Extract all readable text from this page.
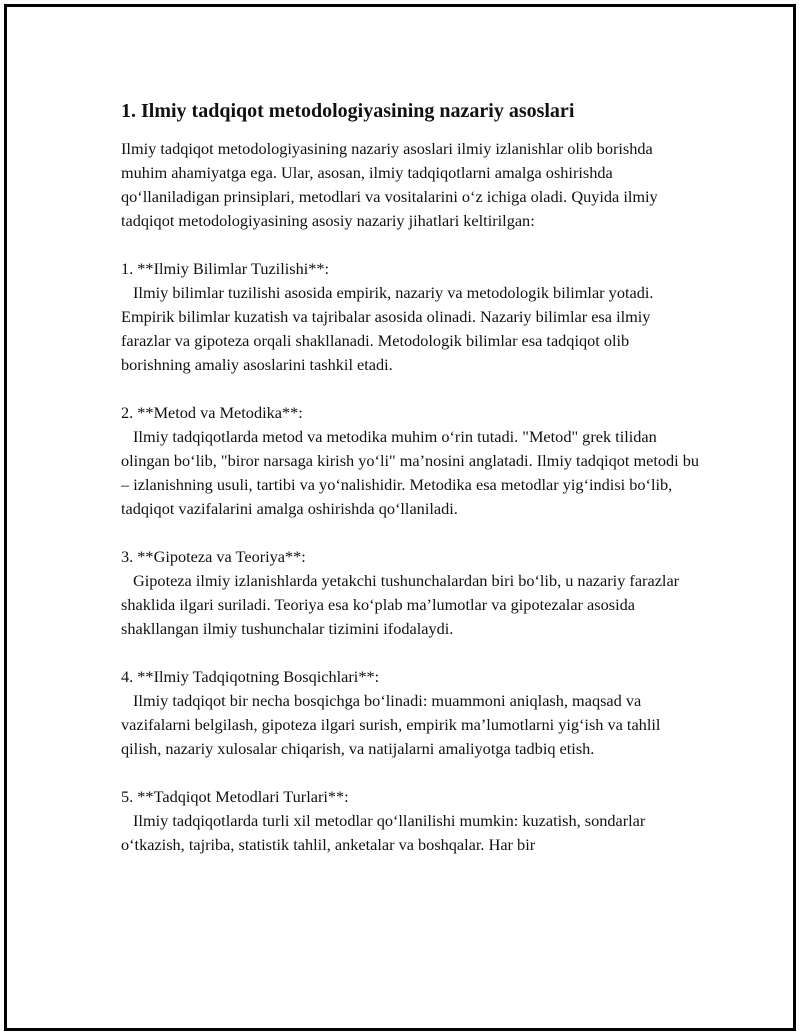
1. Ilmiy tadqiqot metodologiyasining nazariy asoslari

Ilmiy tadqiqot metodologiyasining nazariy asoslari ilmiy izlanishlar olib borishda muhim ahamiyatga ega. Ular, asosan, ilmiy tadqiqotlarni amalga oshirishda qo‘llaniladigan prinsiplari, metodlari va vositalarini o‘z ichiga oladi. Quyida ilmiy tadqiqot metodologiyasining asosiy nazariy jihatlari keltirilgan:

1. **Ilmiy Bilimlar Tuzilishi**:

Ilmiy bilimlar tuzilishi asosida empirik, nazariy va metodologik bilimlar yotadi. Empirik bilimlar kuzatish va tajribalar asosida olinadi. Nazariy bilimlar esa ilmiy farazlar va gipoteza orqali shakllanadi. Metodologik bilimlar esa tadqiqot olib borishning amaliy asoslarini tashkil etadi.

2. **Metod va Metodika**:

Ilmiy tadqiqotlarda metod va metodika muhim o‘rin tutadi. "Metod" grek tilidan olingan bo‘lib, "biror narsaga kirish yo‘li" ma’nosini anglatadi. Ilmiy tadqiqot metodi bu – izlanishning usuli, tartibi va yo‘nalishidir. Metodika esa metodlar yig‘indisi bo‘lib, tadqiqot vazifalarini amalga oshirishda qo‘llaniladi.

3. **Gipoteza va Teoriya**:

Gipoteza ilmiy izlanishlarda yetakchi tushunchalardan biri bo‘lib, u nazariy farazlar shaklida ilgari suriladi. Teoriya esa ko‘plab ma’lumotlar va gipotezalar asosida shakllangan ilmiy tushunchalar tizimini ifodalaydi.

4. **Ilmiy Tadqiqotning Bosqichlari**:

Ilmiy tadqiqot bir necha bosqichga bo‘linadi: muammoni aniqlash, maqsad va vazifalarni belgilash, gipoteza ilgari surish, empirik ma’lumotlarni yig‘ish va tahlil qilish, nazariy xulosalar chiqarish, va natijalarni amaliyotga tadbiq etish.

5. **Tadqiqot Metodlari Turlari**:

Ilmiy tadqiqotlarda turli xil metodlar qo‘llanilishi mumkin: kuzatish, sondarlar o‘tkazish, tajriba, statistik tahlil, anketalar va boshqalar. Har bir
